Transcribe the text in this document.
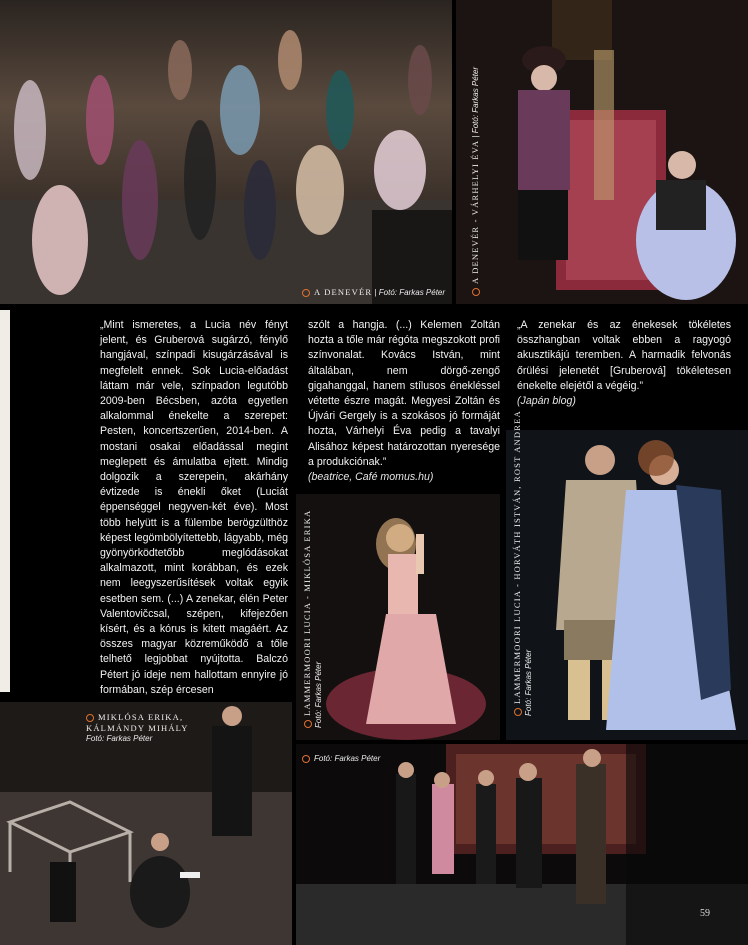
A DENEVÉR | Fotó: Farkas Péter
A DENEVÉR - VÁRHELYI ÉVA | Fotó: Farkas Péter
„Mint ismeretes, a Lucia név fényt jelent, és Gruberová sugárzó, fénylő hangjával, színpadi kisugárzásával is megfelelt ennek. Sok Lucia-előadást láttam már vele, színpadon legutóbb 2009-ben Bécsben, azóta egyetlen alkalommal énekelte a szerepet: Pesten, koncertszerűen, 2014-ben. A mostani osakai előadással megint meglepett és ámulatba ejtett. Mindig dolgozik a szerepein, akárhány évtizede is énekli őket (Luciát éppenséggel negyven-két éve). Most több helyütt is a fülembe berögzülthöz képest legömbölyítettebb, lágyabb, még gyönyörködtetőbb meglódásokat alkalmazott, mint korábban, és ezek nem leegyszerűsítések voltak egyik esetben sem. (...) A zenekar, élén Peter Valentovičcsal, szépen, kifejezően kísért, és a kórus is kitett magáért. Az összes magyar közreműködő a tőle telhető legjobbat nyújtotta. Balczó Pétert jó ideje nem hallottam ennyire jó formában, szép ércesen
szólt a hangja. (...) Kelemen Zoltán hozta a tőle már régóta megszokott profi színvonalat. Kovács István, mint általában, nem dörgő-zengő gigahanggal, hanem stílusos énekléssel vétette észre magát. Megyesi Zoltán és Újvári Gergely is a szokásos jó formáját hozta, Várhelyi Éva pedig a tavalyi Alisához képest határozottan nyeresége a produkciónak.”
(beatrice, Café momus.hu)
„A zenekar és az énekesek tökéletes összhangban voltak ebben a ragyogó akusztikájú teremben. A harmadik felvonás őrülési jelenetét [Gruberová] tökéletesen énekelte elejétől a végéig.”
(Japán blog)
LAMMERMOORI LUCIA - MIKLÓSA ERIKA Fotó: Farkas Péter	LAMMERMOORI LUCIA - HORVÁTH ISTVÁN, ROST ANDREA Fotó: Farkas Péter
MIKLÓSA ERIKA,
KÁLMÁNDY MIHÁLY
Fotó: Farkas Péter
Fotó: Farkas Péter
59
